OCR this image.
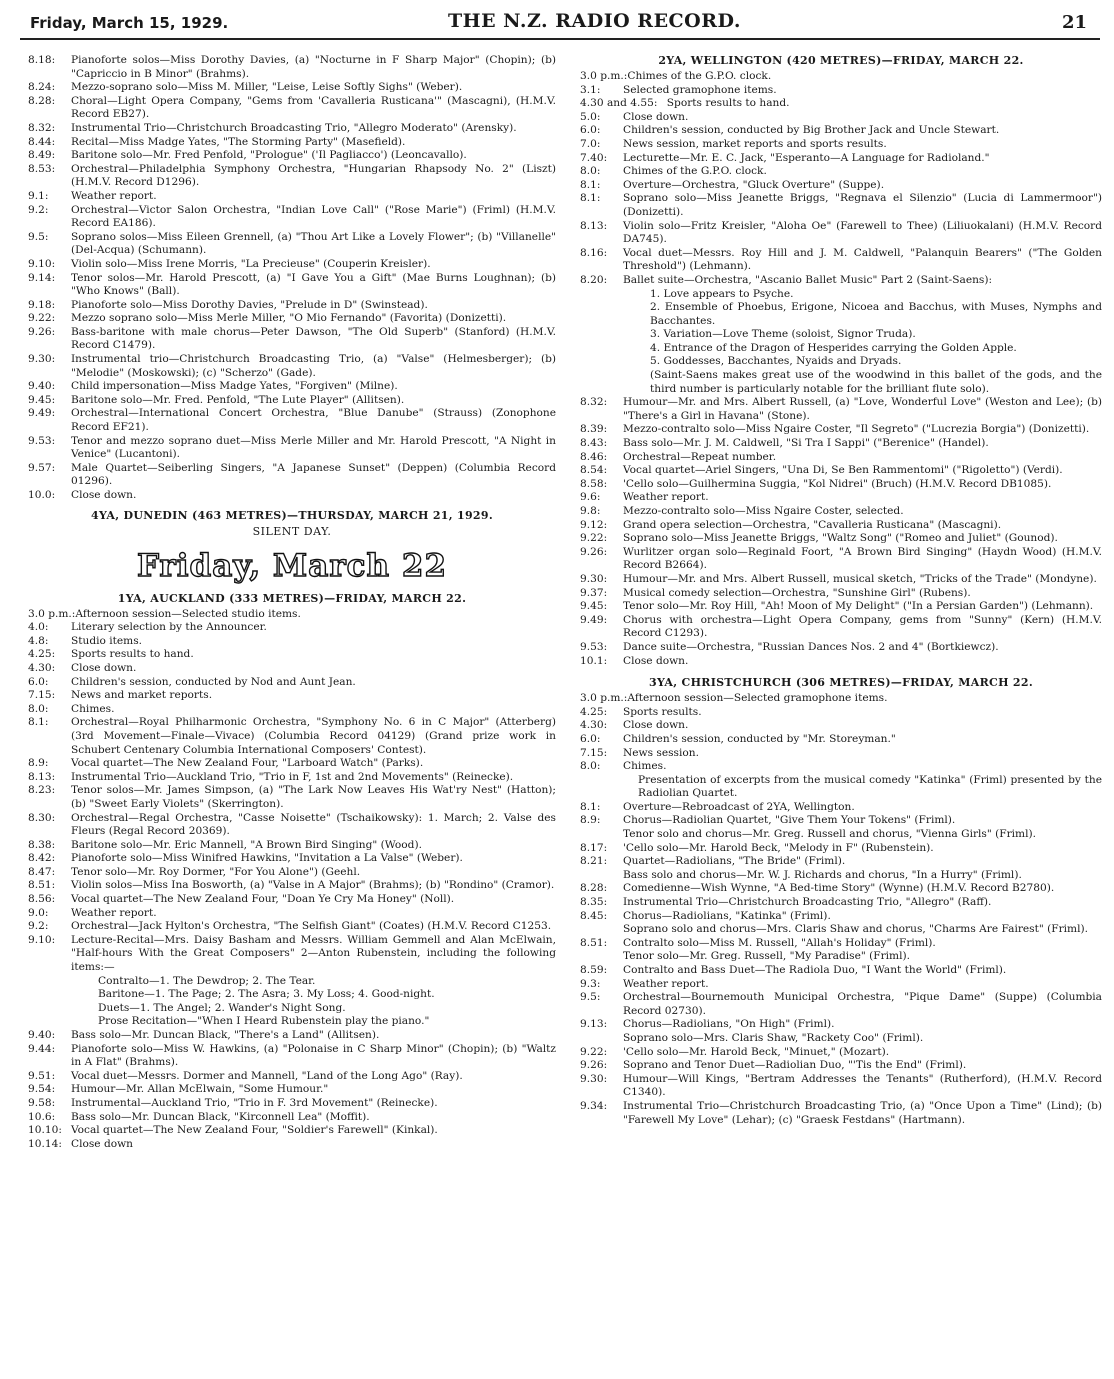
Friday, March 15, 1929.	THE N.Z. RADIO RECORD.	21
8.18:	Pianoforte solos—Miss Dorothy Davies, (a) "Nocturne in F Sharp Major" (Chopin); (b) "Capriccio in B Minor" (Brahms).
8.24:	Mezzo-soprano solo—Miss M. Miller, "Leise, Leise Softly Sighs" (Weber).
8.28:	Choral—Light Opera Company, "Gems from 'Cavalleria Rusticana'" (Mascagni), (H.M.V. Record EB27).
8.32:	Instrumental Trio—Christchurch Broadcasting Trio, "Allegro Moderato" (Arensky).
8.44:	Recital—Miss Madge Yates, "The Storming Party" (Masefield).
8.49:	Baritone solo—Mr. Fred Penfold, "Prologue" ('Il Pagliacco') (Leoncavallo).
8.53:	Orchestral—Philadelphia Symphony Orchestra, "Hungarian Rhapsody No. 2" (Liszt) (H.M.V. Record D1296).
9.1:	Weather report.
9.2:	Orchestral—Victor Salon Orchestra, "Indian Love Call" ("Rose Marie") (Friml) (H.M.V. Record EA186).
9.5:	Soprano solos—Miss Eileen Grennell, (a) "Thou Art Like a Lovely Flower"; (b) "Villanelle" (Del-Acqua) (Schumann).
9.10:	Violin solo—Miss Irene Morris, "La Precieuse" (Couperin Kreisler).
9.14:	Tenor solos—Mr. Harold Prescott, (a) "I Gave You a Gift" (Mae Burns Loughnan); (b) "Who Knows" (Ball).
9.18:	Pianoforte solo—Miss Dorothy Davies, "Prelude in D" (Swinstead).
9.22:	Mezzo soprano solo—Miss Merle Miller, "O Mio Fernando" (Favorita) (Donizetti).
9.26:	Bass-baritone with male chorus—Peter Dawson, "The Old Superb" (Stanford) (H.M.V. Record C1479).
9.30:	Instrumental trio—Christchurch Broadcasting Trio, (a) "Valse" (Helmesberger); (b) "Melodie" (Moskowski); (c) "Scherzo" (Gade).
9.40:	Child impersonation—Miss Madge Yates, "Forgiven" (Milne).
9.45:	Baritone solo—Mr. Fred. Penfold, "The Lute Player" (Allitsen).
9.49:	Orchestral—International Concert Orchestra, "Blue Danube" (Strauss) (Zonophone Record EF21).
9.53:	Tenor and mezzo soprano duet—Miss Merle Miller and Mr. Harold Prescott, "A Night in Venice" (Lucantoni).
9.57:	Male Quartet—Seiberling Singers, "A Japanese Sunset" (Deppen) (Columbia Record 01296).
10.0:	Close down.
4YA, DUNEDIN (463 METRES)—THURSDAY, MARCH 21, 1929.
SILENT DAY.
Friday, March 22
1YA, AUCKLAND (333 METRES)—FRIDAY, MARCH 22.
3.0 p.m.: Afternoon session—Selected studio items.
4.0:	Literary selection by the Announcer.
4.8:	Studio items.
4.25:	Sports results to hand.
4.30:	Close down.
6.0:	Children's session, conducted by Nod and Aunt Jean.
7.15:	News and market reports.
8.0:	Chimes.
8.1:	Orchestral—Royal Philharmonic Orchestra, "Symphony No. 6 in C Major" (Atterberg) (3rd Movement—Finale—Vivace) (Columbia Record 04129) (Grand prize work in Schubert Centenary Columbia International Composers' Contest).
8.9:	Vocal quartet—The New Zealand Four, "Larboard Watch" (Parks).
8.13:	Instrumental Trio—Auckland Trio, "Trio in F, 1st and 2nd Movements" (Reinecke).
8.23:	Tenor solos—Mr. James Simpson, (a) "The Lark Now Leaves His Wat'ry Nest" (Hatton); (b) "Sweet Early Violets" (Skerrington).
8.30:	Orchestral—Regal Orchestra, "Casse Noisette" (Tschaikowsky): 1. March; 2. Valse des Fleurs (Regal Record 20369).
8.38:	Baritone solo—Mr. Eric Mannell, "A Brown Bird Singing" (Wood).
8.42:	Pianoforte solo—Miss Winifred Hawkins, "Invitation a La Valse" (Weber).
8.47:	Tenor solo—Mr. Roy Dormer, "For You Alone") (Geehl.
8.51:	Violin solos—Miss Ina Bosworth, (a) "Valse in A Major" (Brahms); (b) "Rondino" (Cramor).
8.56:	Vocal quartet—The New Zealand Four, "Doan Ye Cry Ma Honey" (Noll).
9.0:	Weather report.
9.2:	Orchestral—Jack Hylton's Orchestra, "The Selfish Giant" (Coates) (H.M.V. Record C1253.
9.10:	Lecture-Recital—Mrs. Daisy Basham and Messrs. William Gemmell and Alan McElwain, "Half-hours With the Great Composers" 2—Anton Rubenstein, including the following items:—
Contralto—1. The Dewdrop; 2. The Tear.
Baritone—1. The Page; 2. The Asra; 3. My Loss; 4. Good-night.
Duets—1. The Angel; 2. Wander's Night Song.
Prose Recitation—"When I Heard Rubenstein play the piano."
9.40:	Bass solo—Mr. Duncan Black, "There's a Land" (Allitsen).
9.44:	Pianoforte solo—Miss W. Hawkins, (a) "Polonaise in C Sharp Minor" (Chopin); (b) "Waltz in A Flat" (Brahms).
9.51:	Vocal duet—Messrs. Dormer and Mannell, "Land of the Long Ago" (Ray).
9.54:	Humour—Mr. Allan McElwain, "Some Humour."
9.58:	Instrumental—Auckland Trio, "Trio in F. 3rd Movement" (Reinecke).
10.6:	Bass solo—Mr. Duncan Black, "Kirconnell Lea" (Moffit).
10.10: Vocal quartet—The New Zealand Four, "Soldier's Farewell" (Kinkal).
10.14: Close down
2YA, WELLINGTON (420 METRES)—FRIDAY, MARCH 22.
3.0 p.m.: Chimes of the G.P.O. clock.
3.1:	Selected gramophone items.
4.30 and 4.55: Sports results to hand.
5.0:	Close down.
6.0:	Children's session, conducted by Big Brother Jack and Uncle Stewart.
7.0:	News session, market reports and sports results.
7.40:	Lecturette—Mr. E. C. Jack, "Esperanto—A Language for Radioland."
8.0:	Chimes of the G.P.O. clock.
8.1:	Overture—Orchestra, "Gluck Overture" (Suppe).
8.1:	Soprano solo—Miss Jeanette Briggs, "Regnava el Silenzio" (Lucia di Lammermoor") (Donizetti).
8.13:	Violin solo—Fritz Kreisler, "Aloha Oe" (Farewell to Thee) (Liliuokalani) (H.M.V. Record DA745).
8.16:	Vocal duet—Messrs. Roy Hill and J. M. Caldwell, "Palanquin Bearers" ("The Golden Threshold") (Lehmann).
8.20:	Ballet suite—Orchestra, "Ascanio Ballet Music" Part 2 (Saint-Saens):
1. Love appears to Psyche.
2. Ensemble of Phoebus, Erigone, Nicoea and Bacchus, with Muses, Nymphs and Bacchantes.
3. Variation—Love Theme (soloist, Signor Truda).
4. Entrance of the Dragon of Hesperides carrying the Golden Apple.
5. Goddesses, Bacchantes, Nyaids and Dryads.
(Saint-Saens makes great use of the woodwind in this ballet of the gods, and the third number is particularly notable for the brilliant flute solo).
8.32:	Humour—Mr. and Mrs. Albert Russell, (a) "Love, Wonderful Love" (Weston and Lee); (b) "There's a Girl in Havana" (Stone).
8.39:	Mezzo-contralto solo—Miss Ngaire Coster, "Il Segreto" ("Lucrezia Borgia") (Donizetti).
8.43:	Bass solo—Mr. J. M. Caldwell, "Si Tra I Sappi" ("Berenice" (Handel).
8.46:	Orchestral—Repeat number.
8.54:	Vocal quartet—Ariel Singers, "Una Di, Se Ben Rammentomi" ("Rigoletto") (Verdi).
8.58:	'Cello solo—Guilhermina Suggia, "Kol Nidrei" (Bruch) (H.M.V. Record DB1085).
9.6:	Weather report.
9.8:	Mezzo-contralto solo—Miss Ngaire Coster, selected.
9.12:	Grand opera selection—Orchestra, "Cavalleria Rusticana" (Mascagni).
9.22:	Soprano solo—Miss Jeanette Briggs, "Waltz Song" ("Romeo and Juliet" (Gounod).
9.26:	Wurlitzer organ solo—Reginald Foort, "A Brown Bird Singing" (Haydn Wood) (H.M.V. Record B2664).
9.30:	Humour—Mr. and Mrs. Albert Russell, musical sketch, "Tricks of the Trade" (Mondyne).
9.37:	Musical comedy selection—Orchestra, "Sunshine Girl" (Rubens).
9.45:	Tenor solo—Mr. Roy Hill, "Ah! Moon of My Delight" ("In a Persian Garden") (Lehmann).
9.49:	Chorus with orchestra—Light Opera Company, gems from "Sunny" (Kern) (H.M.V. Record C1293).
9.53:	Dance suite—Orchestra, "Russian Dances Nos. 2 and 4" (Bortkiewcz).
10.1:	Close down.
3YA, CHRISTCHURCH (306 METRES)—FRIDAY, MARCH 22.
3.0 p.m.: Afternoon session—Selected gramophone items.
4.25:	Sports results.
4.30:	Close down.
6.0:	Children's session, conducted by "Mr. Storeyman."
7.15:	News session.
8.0:	Chimes.
Presentation of excerpts from the musical comedy "Katinka" (Friml) presented by the Radiolian Quartet.
8.1:	Overture—Rebroadcast of 2YA, Wellington.
8.9:	Chorus—Radiolian Quartet, "Give Them Your Tokens" (Friml).
Tenor solo and chorus—Mr. Greg. Russell and chorus, "Vienna Girls" (Friml).
8.17:	'Cello solo—Mr. Harold Beck, "Melody in F" (Rubenstein).
8.21:	Quartet—Radiolians, "The Bride" (Friml).
Bass solo and chorus—Mr. W. J. Richards and chorus, "In a Hurry" (Friml).
8.28:	Comedienne—Wish Wynne, "A Bed-time Story" (Wynne) (H.M.V. Record B2780).
8.35:	Instrumental Trio—Christchurch Broadcasting Trio, "Allegro" (Raff).
8.45:	Chorus—Radiolians, "Katinka" (Friml).
Soprano solo and chorus—Mrs. Claris Shaw and chorus, "Charms Are Fairest" (Friml).
8.51:	Contralto solo—Miss M. Russell, "Allah's Holiday" (Friml).
Tenor solo—Mr. Greg. Russell, "My Paradise" (Friml).
8.59:	Contralto and Bass Duet—The Radiola Duo, "I Want the World" (Friml).
9.3:	Weather report.
9.5:	Orchestral—Bournemouth Municipal Orchestra, "Pique Dame" (Suppe) (Columbia Record 02730).
9.13:	Chorus—Radiolians, "On High" (Friml).
Soprano solo—Mrs. Claris Shaw, "Rackety Coo" (Friml).
9.22:	'Cello solo—Mr. Harold Beck, "Minuet," (Mozart).
9.26:	Soprano and Tenor Duet—Radiolian Duo, "'Tis the End" (Friml).
9.30:	Humour—Will Kings, "Bertram Addresses the Tenants" (Rutherford), (H.M.V. Record C1340).
9.34:	Instrumental Trio—Christchurch Broadcasting Trio, (a) "Once Upon a Time" (Lind); (b) "Farewell My Love" (Lehar); (c) "Graesk Festdans" (Hartmann).
